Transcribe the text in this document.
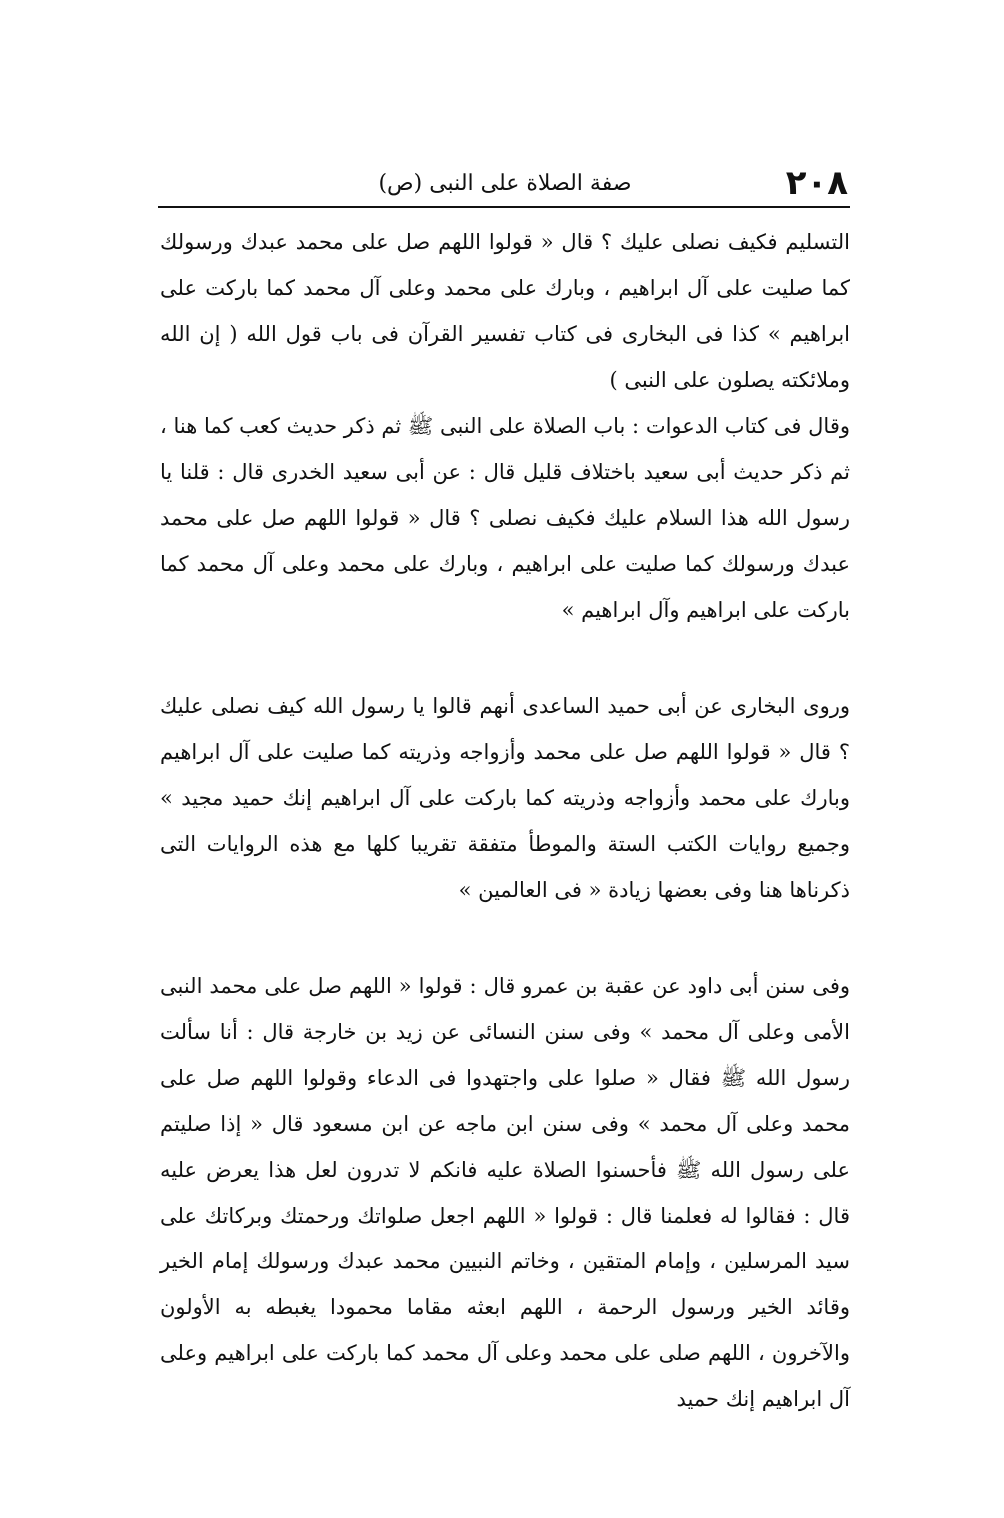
٢٠٨
صفة الصلاة على النبى (ص)

التسليم فكيف نصلى عليك ؟ قال « قولوا اللهم صل على محمد عبدك ورسولك كما صليت على آل ابراهيم ، وبارك على محمد وعلى آل محمد كما باركت على ابراهيم » كذا فى البخارى فى كتاب تفسير القرآن فى باب قول الله ( إن الله وملائكته يصلون على النبى )

وقال فى كتاب الدعوات : باب الصلاة على النبى ﷺ ثم ذكر حديث كعب كما هنا ، ثم ذكر حديث أبى سعيد باختلاف قليل قال : عن أبى سعيد الخدرى قال : قلنا يا رسول الله هذا السلام عليك فكيف نصلى ؟ قال « قولوا اللهم صل على محمد عبدك ورسولك كما صليت على ابراهيم ، وبارك على محمد وعلى آل محمد كما باركت على ابراهيم وآل ابراهيم »

وروى البخارى عن أبى حميد الساعدى أنهم قالوا يا رسول الله كيف نصلى عليك ؟ قال « قولوا اللهم صل على محمد وأزواجه وذريته كما صليت على آل ابراهيم وبارك على محمد وأزواجه وذريته كما باركت على آل ابراهيم إنك حميد مجيد » وجميع روايات الكتب الستة والموطأ متفقة تقريبا كلها مع هذه الروايات التى ذكرناها هنا وفى بعضها زيادة « فى العالمين »

وفى سنن أبى داود عن عقبة بن عمرو قال : قولوا « اللهم صل على محمد النبى الأمى وعلى آل محمد » وفى سنن النسائى عن زيد بن خارجة قال : أنا سألت رسول الله ﷺ فقال « صلوا على واجتهدوا فى الدعاء وقولوا اللهم صل على محمد وعلى آل محمد » وفى سنن ابن ماجه عن ابن مسعود قال « إذا صليتم على رسول الله ﷺ فأحسنوا الصلاة عليه فانكم لا تدرون لعل هذا يعرض عليه قال : فقالوا له فعلمنا قال : قولوا « اللهم اجعل صلواتك ورحمتك وبركاتك على سيد المرسلين ، وإمام المتقين ، وخاتم النبيين محمد عبدك ورسولك إمام الخير وقائد الخير ورسول الرحمة ، اللهم ابعثه مقاما محمودا يغبطه به الأولون والآخرون ، اللهم صلى على محمد وعلى آل محمد كما باركت على ابراهيم وعلى آل ابراهيم إنك حميد
